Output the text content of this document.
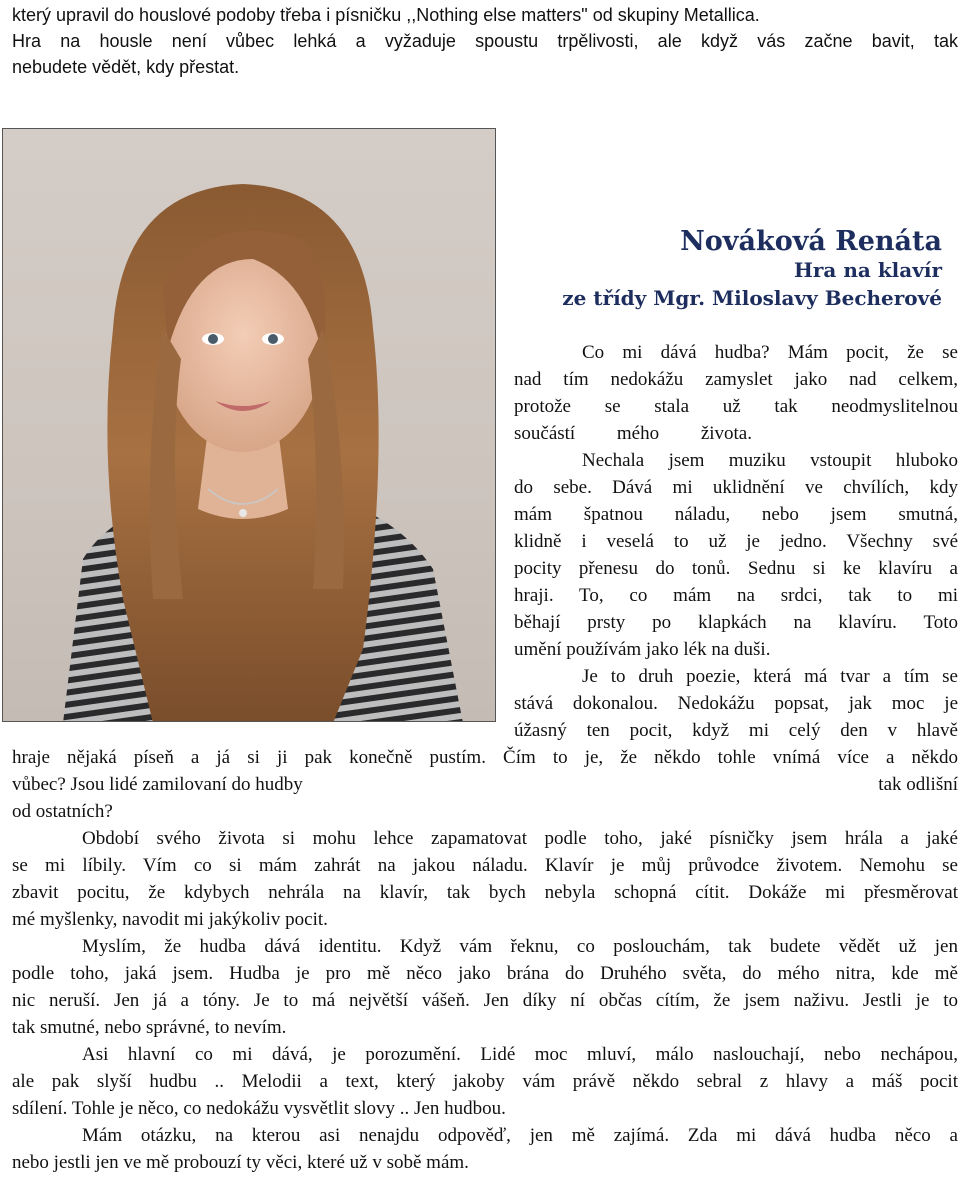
který upravil do houslové podoby třeba i písničku ,,Nothing else matters" od skupiny Metallica.
Hra na housle není vůbec lehká a vyžaduje spoustu trpělivosti, ale když vás začne bavit, tak
nebudete vědět, kdy přestat.
Nováková Renáta
Hra na klavír
ze třídy Mgr. Miloslavy Becherové
Co mi dává hudba? Mám pocit, že se
nad tím nedokážu zamyslet jako nad celkem,
protože se stala už tak neodmyslitelnou
součástí mého života.
Nechala jsem muziku vstoupit hluboko
do sebe. Dává mi uklidnění ve chvílích, kdy
mám špatnou náladu, nebo jsem smutná,
klidně i veselá to už je jedno. Všechny své
pocity přenesu do tonů. Sednu si ke klavíru a
hraji. To, co mám na srdci, tak to mi
běhají prsty po klapkách na klavíru. Toto
umění používám jako lék na duši.
Je to druh poezie, která má tvar a tím se
stává dokonalou. Nedokážu popsat, jak moc je
úžasný ten pocit, když mi celý den v hlavě
hraje nějaká píseň a já si ji pak konečně pustím. Čím to je, že někdo tohle vnímá více a někdo
vůbec? Jsou lidé zamilovaní do hudby	tak odlišní
od ostatních?
Období svého života si mohu lehce zapamatovat podle toho, jaké písničky jsem hrála a jaké
se mi líbily. Vím co si mám zahrát na jakou náladu. Klavír je můj průvodce životem. Nemohu se
zbavit pocitu, že kdybych nehrála na klavír, tak bych nebyla schopná cítit. Dokáže mi přesměrovat
mé myšlenky, navodit mi jakýkoliv pocit.
Myslím, že hudba dává identitu. Když vám řeknu, co poslouchám, tak budete vědět už jen
podle toho, jaká jsem. Hudba je pro mě něco jako brána do Druhého světa, do mého nitra, kde mě
nic neruší. Jen já a tóny. Je to má největší vášeň. Jen díky ní občas cítím, že jsem naživu. Jestli je to
tak smutné, nebo správné, to nevím.
Asi hlavní co mi dává, je porozumění. Lidé moc mluví, málo naslouchají, nebo nechápou,
ale pak slyší hudbu .. Melodii a text, který jakoby vám právě někdo sebral z hlavy a máš pocit
sdílení. Tohle je něco, co nedokážu vysvětlit slovy .. Jen hudbou.
Mám otázku, na kterou asi nenajdu odpověď, jen mě zajímá. Zda mi dává hudba něco a
nebo jestli jen ve mě probouzí ty věci, které už v sobě mám.
